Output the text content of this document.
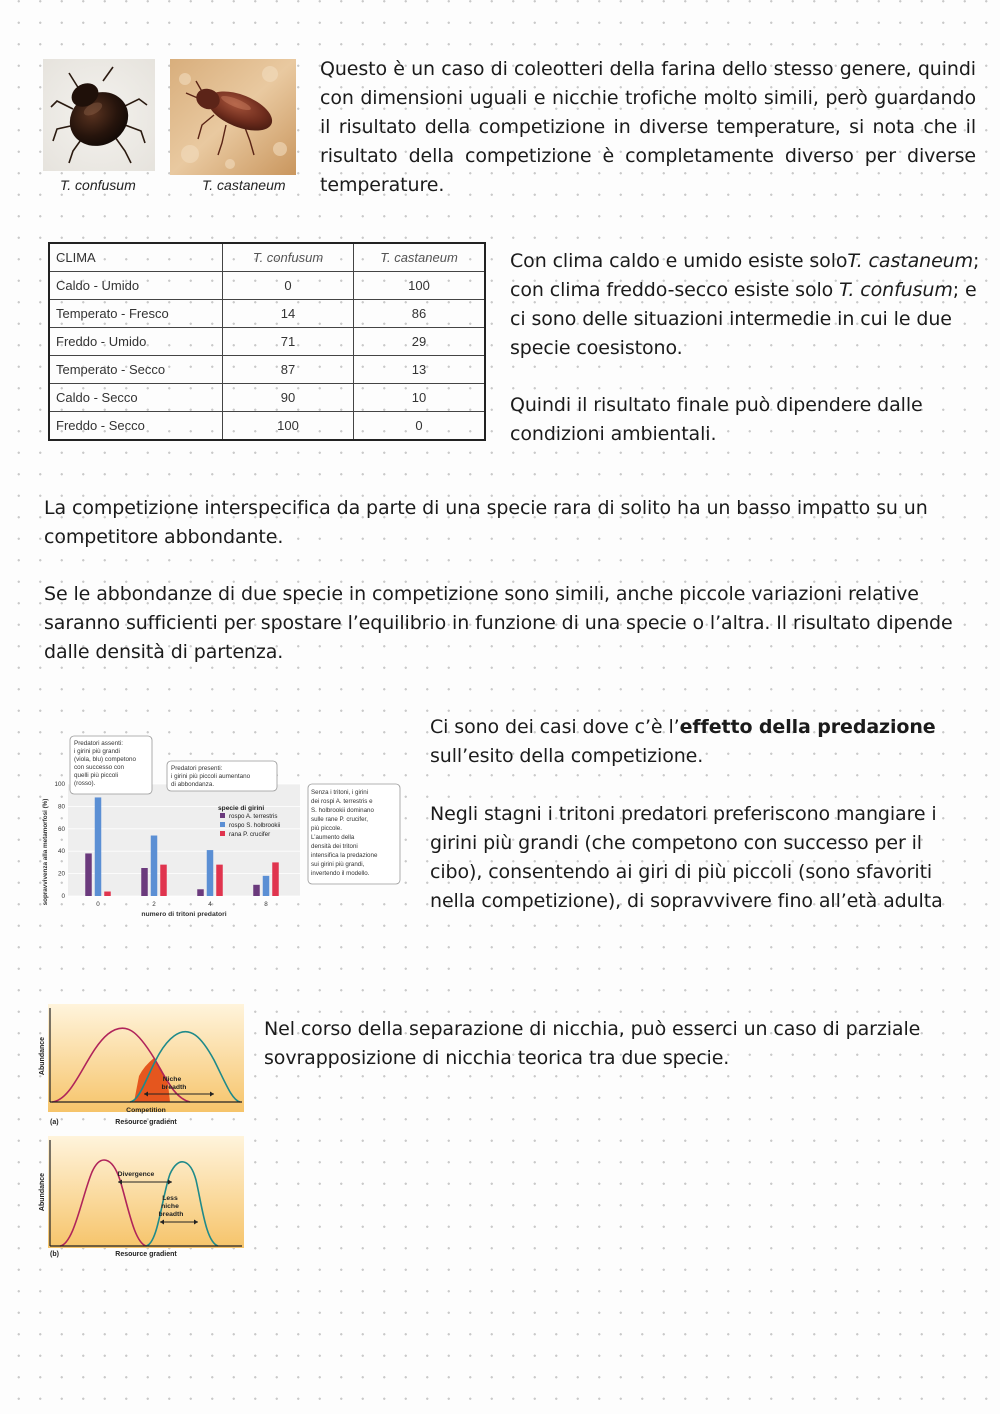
T. confusum	T. castaneum
Questo è un caso di coleotteri della farina dello stesso genere, quindi con dimensioni uguali e nicchie trofiche molto simili, però guardando il risultato della competizione in diverse temperature, si nota che il risultato della competizione è completamente diverso per diverse temperature.
CLIMA	T. confusum	T. castaneum
Caldo - Umido	0	100
Temperato - Fresco	14	86
Freddo - Umido	71	29
Temperato - Secco	87	13
Caldo - Secco	90	10
Freddo - Secco	100	0
Con clima caldo e umido esiste soloT. castaneum; con clima freddo-secco esiste solo T. confusum; e ci sono delle situazioni intermedie in cui le due specie coesistono.
Quindi il risultato finale può dipendere dalle condizioni ambientali.
La competizione interspecifica da parte di una specie rara di solito ha un basso impatto su un competitore abbondante.
Se le abbondanze di due specie in competizione sono simili, anche piccole variazioni relative saranno sufficienti per spostare l’equilibrio in funzione di una specie o l’altra. Il risultato dipende dalle densità di partenza.
0
20
40
60
80
100
0	2	4	8
sopravvivenza alla metamorfosi (%)
numero di tritoni predatori
Predatori assenti:
i girini più grandi
(viola, blu) competono
con successo con
quelli più piccoli
(rosso).
Predatori presenti:
i girini più piccoli aumentano
di abbondanza.
Senza i tritoni, i girini
dei rospi A. terrestris e
S. holbrookii dominano
sulle rane P. crucifer,
più piccole.
L’aumento della
densità dei tritoni
intensifica la predazione
sui girini più grandi,
invertendo il modello.
specie di girini
rospo A. terrestris
rospo S. holbrookii
rana P. crucifer
Ci sono dei casi dove c’è l’effetto della predazione sull’esito della competizione.
Negli stagni i tritoni predatori preferiscono mangiare i girini più grandi (che competono con successo per il cibo), consentendo ai giri di più piccoli (sono sfavoriti nella competizione), di sopravvivere fino all’età adulta
Abundance
Niche breadth
Competition
(a)	Resource gradient
Divergence
Less niche breadth
Abundance
(b)	Resource gradient
Nel corso della separazione di nicchia, può esserci un caso di parziale sovrapposizione di nicchia teorica tra due specie.
